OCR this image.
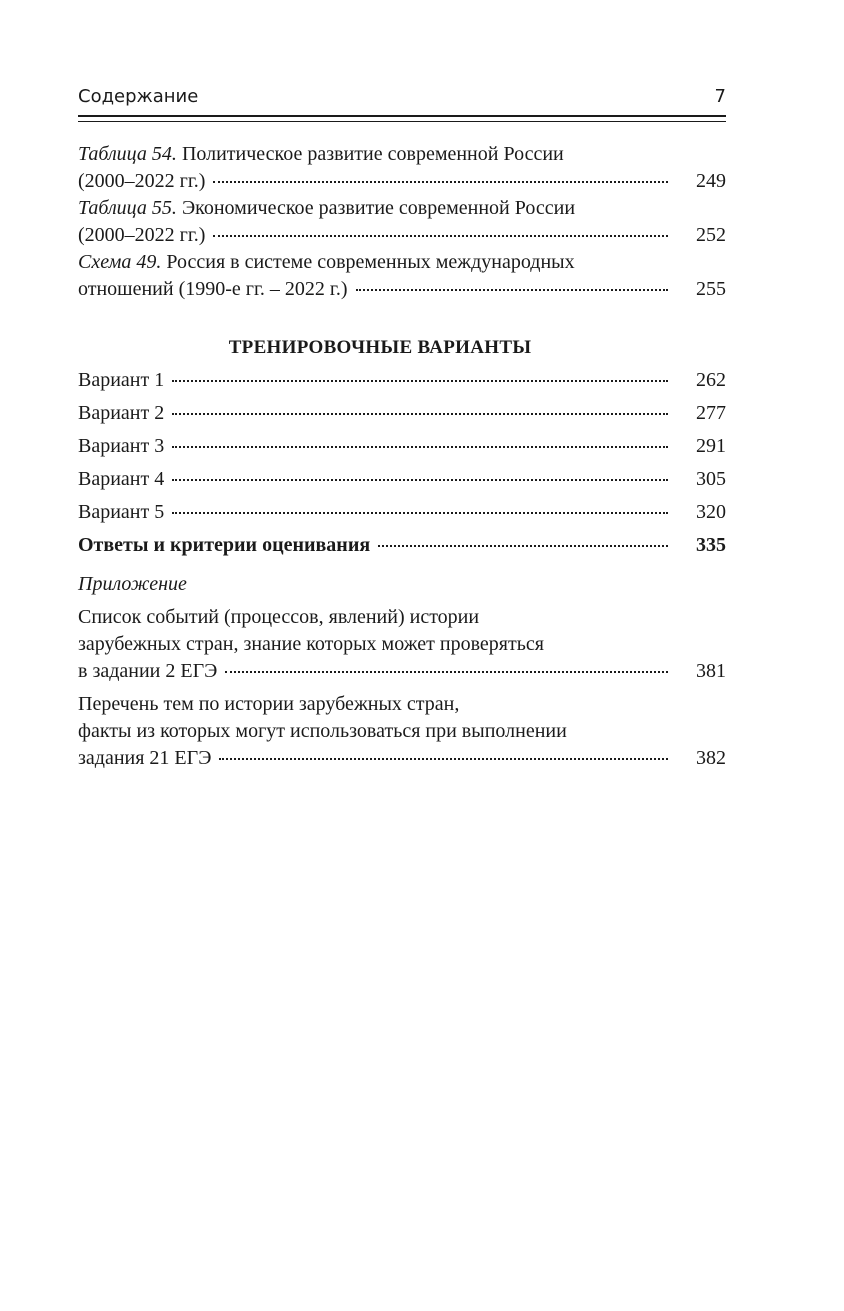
Содержание	7
Таблица 54. Политическое развитие современной России
(2000–2022 гг.)	249
Таблица 55. Экономическое развитие современной России
(2000–2022 гг.)	252
Схема 49. Россия в системе современных международных
отношений (1990-е гг. – 2022 г.)	255
ТРЕНИРОВОЧНЫЕ ВАРИАНТЫ
Вариант 1	262
Вариант 2	277
Вариант 3	291
Вариант 4	305
Вариант 5	320
Ответы и критерии оценивания	335
Приложение
Список событий (процессов, явлений) истории
зарубежных стран, знание которых может проверяться
в задании 2 ЕГЭ	381
Перечень тем по истории зарубежных стран,
факты из которых могут использоваться при выполнении
задания 21 ЕГЭ	382
